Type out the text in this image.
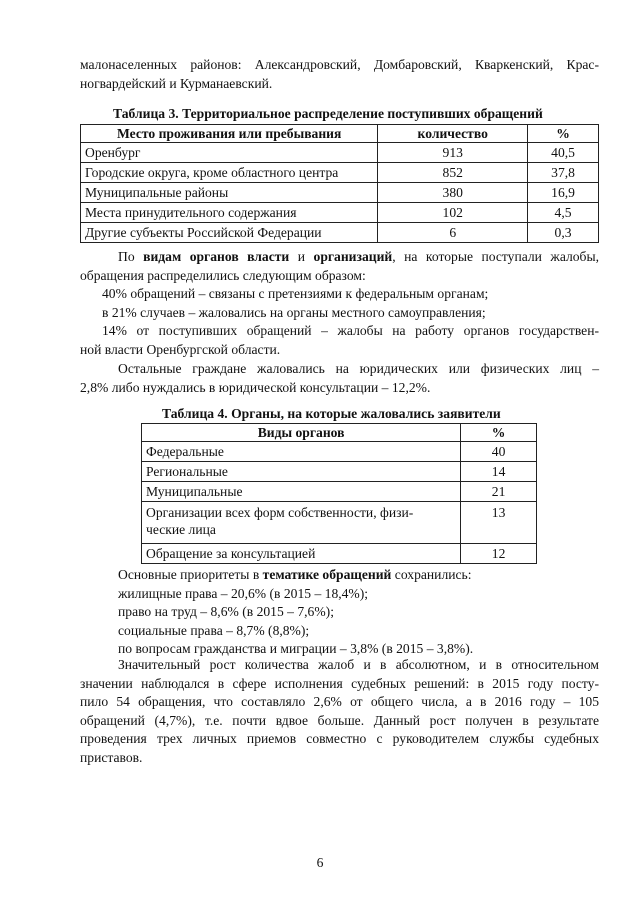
малонаселенных районов: Александровский, Домбаровский, Кваркенский, Крас-
ногвардейский и Курманаевский.
Таблица 3. Территориальное распределение поступивших обращений
Место проживания или пребывания	количество	%
Оренбург	913	40,5
Городские округа, кроме областного центра	852	37,8
Муниципальные районы	380	16,9
Места принудительного содержания	102	4,5
Другие субъекты Российской Федерации	6	0,3
По видам органов власти и организаций, на которые поступали жалобы,
обращения распределились следующим образом:
40% обращений – связаны с претензиями к федеральным органам;
в 21% случаев – жаловались на органы местного самоуправления;
14% от поступивших обращений – жалобы на работу органов государствен-
ной власти Оренбургской области.
Остальные граждане жаловались на юридических или физических лиц –
2,8% либо нуждались в юридической консультации – 12,2%.
Таблица 4. Органы, на которые жаловались заявители
Виды органов	%
Федеральные	40
Региональные	14
Муниципальные	21

Организации всех форм собственности, физи-
ческие лица	13
Обращение за консультацией	12
Основные приоритеты в тематике обращений сохранились:
жилищные права – 20,6% (в 2015 – 18,4%);
право на труд – 8,6% (в 2015 – 7,6%);
социальные права – 8,7% (8,8%);
по вопросам гражданства и миграции – 3,8% (в 2015 – 3,8%).
Значительный рост количества жалоб и в абсолютном, и в относительном
значении наблюдался в сфере исполнения судебных решений: в 2015 году посту-
пило 54 обращения, что составляло 2,6% от общего числа, а в 2016 году – 105
обращений (4,7%), т.е. почти вдвое больше. Данный рост получен в результате
проведения трех личных приемов совместно с руководителем службы судебных
приставов.
6
